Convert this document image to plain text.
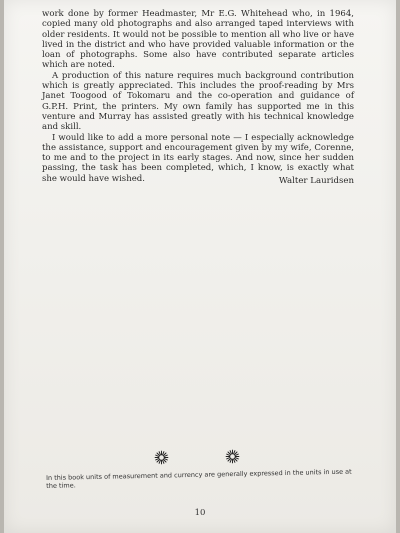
work done by former Headmaster, Mr E.G. Whitehead who, in 1964, copied many old photographs and also arranged taped interviews with older residents. It would not be possible to mention all who live or have lived in the district and who have provided valuable information or the loan of photographs. Some also have contributed separate articles which are noted.

A production of this nature requires much background contribution which is greatly appreciated. This includes the proof-reading by Mrs Janet Toogood of Tokomaru and the co-operation and guidance of G.P.H. Print, the printers. My own family has supported me in this venture and Murray has assisted greatly with his technical knowledge and skill.

I would like to add a more personal note — I especially acknowledge the assistance, support and encouragement given by my wife, Corenne, to me and to the project in its early stages. And now, since her sudden passing, the task has been completed, which, I know, is exactly what she would have wished.	Walter Lauridsen
In this book units of measurement and currency are generally expressed in the units in use at the time.
10
